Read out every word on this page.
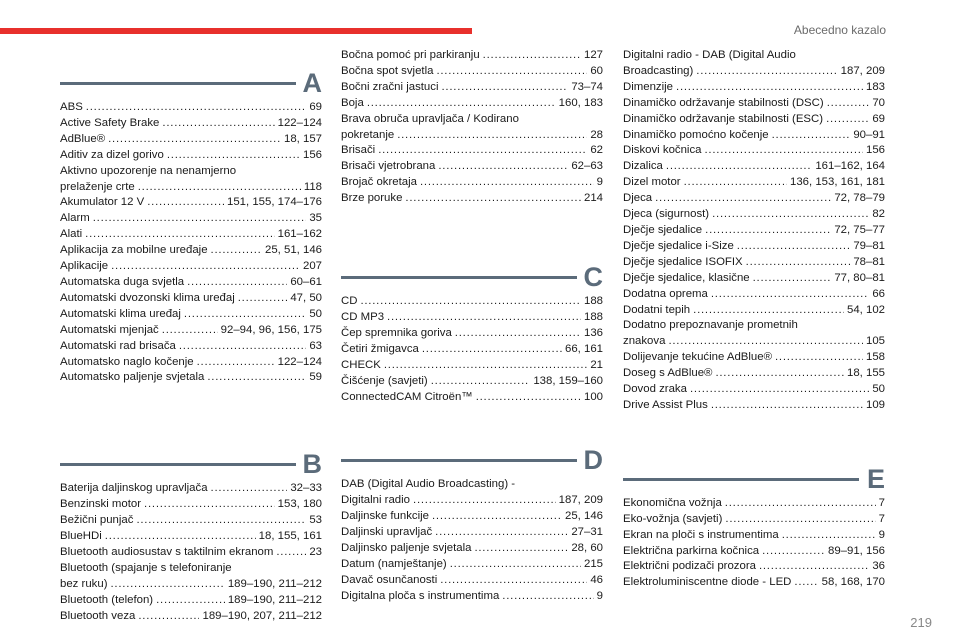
Abecedno kazalo
A
ABS . . .	69
Active Safety Brake . . .	122–124
AdBlue® . . .	18, 157
Aditiv za dizel gorivo . . .	156
Aktivno upozorenje na nenamjerno
prelaženje crte . . .	118
Akumulator 12 V . . .	151, 155, 174–176
Alarm . . .	35
Alati . . .	161–162
Aplikacija za mobilne uređaje . . .	25, 51, 146
Aplikacije . . .	207
Automatska duga svjetla . . .	60–61
Automatski dvozonski klima uređaj . . .	47, 50
Automatski klima uređaj . . .	50
Automatski mjenjač . . .	92–94, 96, 156, 175
Automatski rad brisača . . .	63
Automatsko naglo kočenje . . .	122–124
Automatsko paljenje svjetala . . .	59
B
Baterija daljinskog upravljača . . .	32–33
Benzinski motor . . .	153, 180
Bežični punjač . . .	53
BlueHDi . . .	18, 155, 161
Bluetooth audiosustav s taktilnim ekranom . . .	23
Bluetooth (spajanje s telefoniranje
bez ruku) . . .	189–190, 211–212
Bluetooth (telefon) . . .	189–190, 211–212
Bluetooth veza . . .	189–190, 207, 211–212
Bočna pomoć pri parkiranju . . .	127
Bočna spot svjetla . . .	60
Bočni zračni jastuci . . .	73–74
Boja . . .	160, 183
Brava obruča upravljača / Kodirano
pokretanje . . .	28
Brisači . . .	62
Brisači vjetrobrana . . .	62–63
Brojač okretaja . . .	9
Brze poruke . . .	214
C
CD . . .	188
CD MP3 . . .	188
Čep spremnika goriva . . .	136
Četiri žmigavca . . .	66, 161
CHECK . . .	21
Čišćenje (savjeti) . . .	138, 159–160
ConnectedCAM Citroën™ . . .	100
D
DAB (Digital Audio Broadcasting) -
Digitalni radio . . .	187, 209
Daljinske funkcije . . .	25, 146
Daljinski upravljač . . .	27–31
Daljinsko paljenje svjetala . . .	28, 60
Datum (namještanje) . . .	215
Davač osunčanosti . . .	46
Digitalna ploča s instrumentima . . .	9
Digitalni radio - DAB (Digital Audio
Broadcasting) . . .	187, 209
Dimenzije . . .	183
Dinamičko održavanje stabilnosti (DSC) . . .	70
Dinamičko održavanje stabilnosti (ESC) . . .	69
Dinamičko pomoćno kočenje . . .	90–91
Diskovi kočnica . . .	156
Dizalica . . .	161–162, 164
Dizel motor . . .	136, 153, 161, 181
Djeca . . .	72, 78–79
Djeca (sigurnost) . . .	82
Dječje sjedalice . . .	72, 75–77
Dječje sjedalice i-Size . . .	79–81
Dječje sjedalice ISOFIX . . .	78–81
Dječje sjedalice, klasične . . .	77, 80–81
Dodatna oprema . . .	66
Dodatni tepih . . .	54, 102
Dodatno prepoznavanje prometnih
znakova . . .	105
Dolijevanje tekućine AdBlue® . . .	158
Doseg s AdBlue® . . .	18, 155
Dovod zraka . . .	50
Drive Assist Plus . . .	109
E
Ekonomična vožnja . . .	7
Eko-vožnja (savjeti) . . .	7
Ekran na ploči s instrumentima . . .	9
Električna parkirna kočnica . . .	89–91, 156
Električni podizači prozora . . .	36
Elektroluminiscentne diode - LED . . .	58, 168, 170
219
